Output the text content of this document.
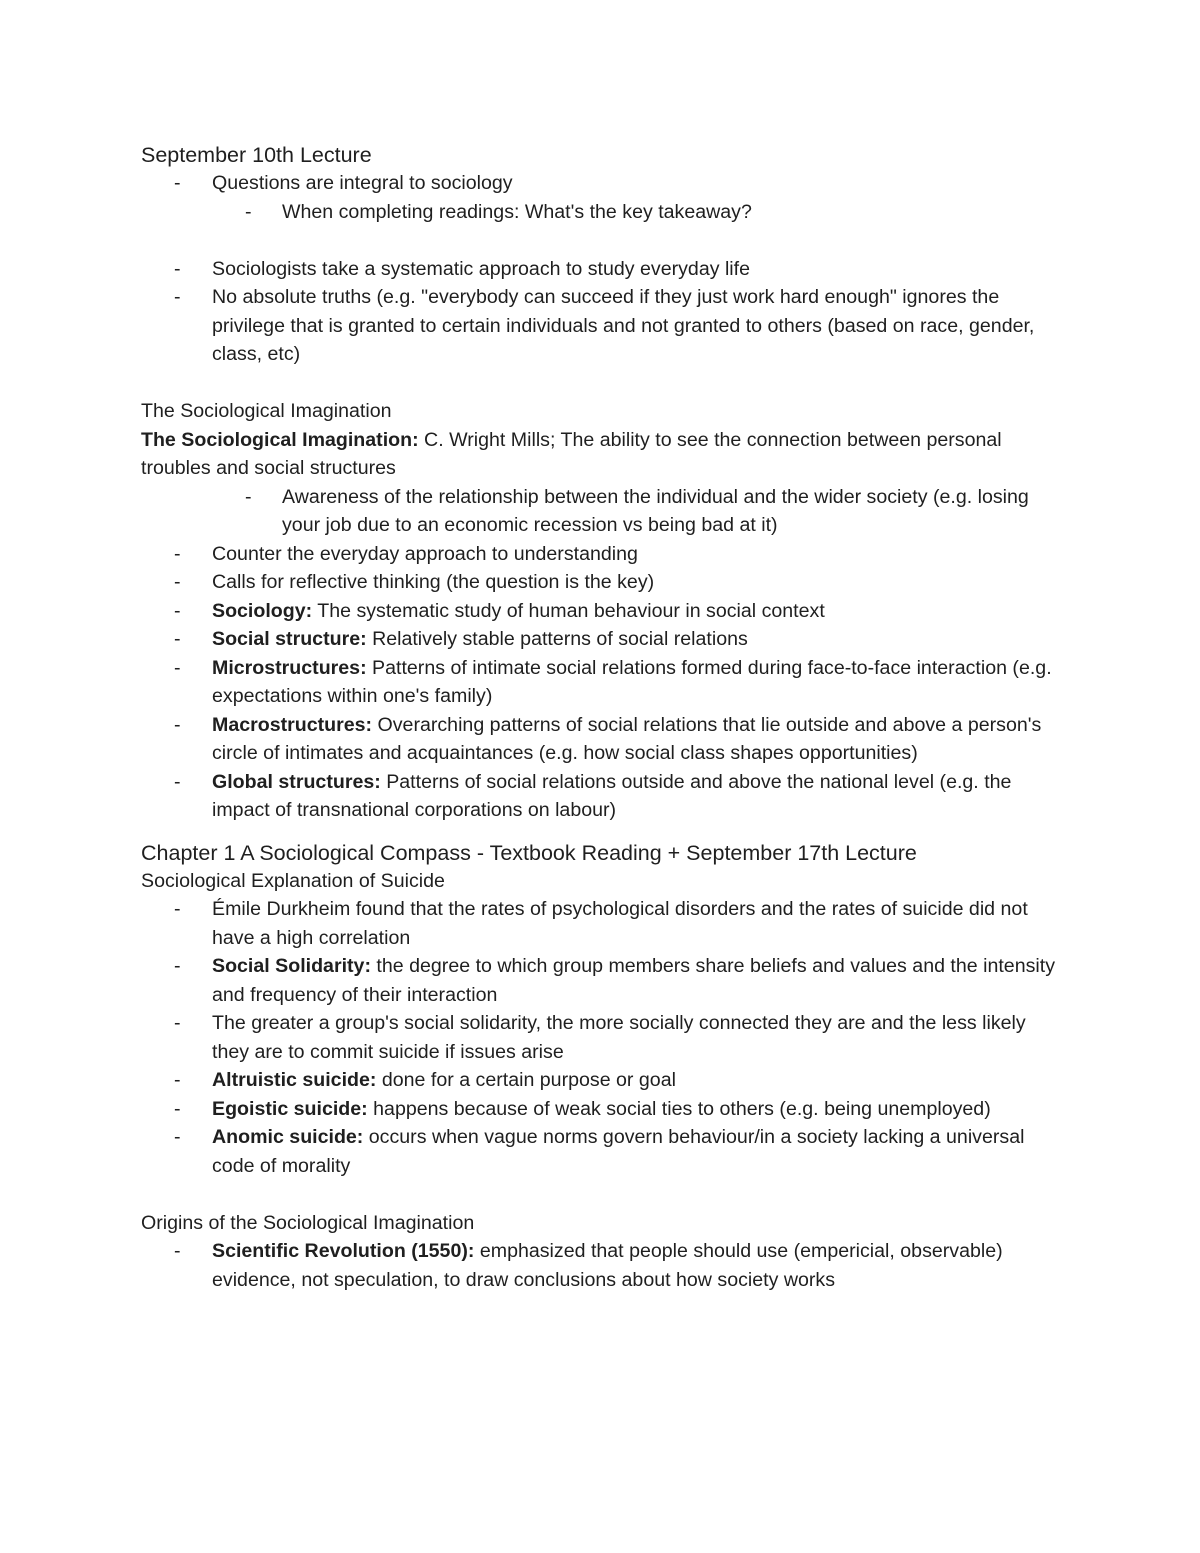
September 10th Lecture
- Questions are integral to sociology
- When completing readings: What's the key takeaway?
- Sociologists take a systematic approach to study everyday life
- No absolute truths (e.g. "everybody can succeed if they just work hard enough" ignores the privilege that is granted to certain individuals and not granted to others (based on race, gender, class, etc)
The Sociological Imagination
The Sociological Imagination: C. Wright Mills; The ability to see the connection between personal troubles and social structures
- Awareness of the relationship between the individual and the wider society (e.g. losing your job due to an economic recession vs being bad at it)
- Counter the everyday approach to understanding
- Calls for reflective thinking (the question is the key)
- Sociology: The systematic study of human behaviour in social context
- Social structure: Relatively stable patterns of social relations
- Microstructures: Patterns of intimate social relations formed during face-to-face interaction (e.g. expectations within one's family)
- Macrostructures: Overarching patterns of social relations that lie outside and above a person's circle of intimates and acquaintances (e.g. how social class shapes opportunities)
- Global structures: Patterns of social relations outside and above the national level (e.g. the impact of transnational corporations on labour)
Chapter 1 A Sociological Compass - Textbook Reading + September 17th Lecture
Sociological Explanation of Suicide
- Émile Durkheim found that the rates of psychological disorders and the rates of suicide did not have a high correlation
- Social Solidarity: the degree to which group members share beliefs and values and the intensity and frequency of their interaction
- The greater a group's social solidarity, the more socially connected they are and the less likely they are to commit suicide if issues arise
- Altruistic suicide: done for a certain purpose or goal
- Egoistic suicide: happens because of weak social ties to others (e.g. being unemployed)
- Anomic suicide: occurs when vague norms govern behaviour/in a society lacking a universal code of morality
Origins of the Sociological Imagination
- Scientific Revolution (1550): emphasized that people should use (empericial, observable) evidence, not speculation, to draw conclusions about how society works
